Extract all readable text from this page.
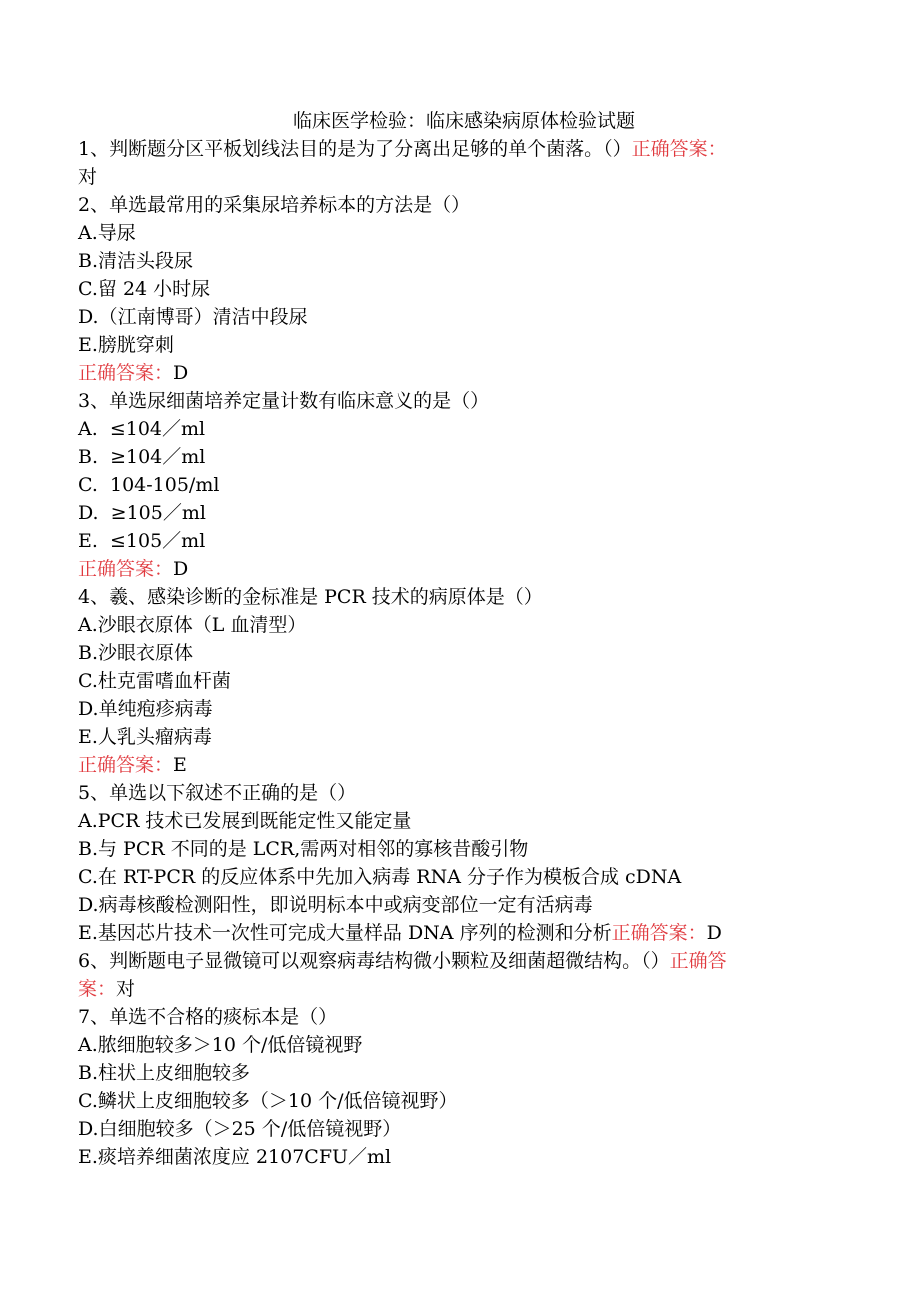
临床医学检验：临床感染病原体检验试题
1、判断题分区平板划线法目的是为了分离出足够的单个菌落。（）正确答案：
对
2、单选最常用的采集尿培养标本的方法是（）
A.导尿
B.清洁头段尿
C.留 24 小时尿
D.（江南博哥）清洁中段尿
E.膀胱穿刺
正确答案：D
3、单选尿细菌培养定量计数有临床意义的是（）
A.  ≤104／ml
B.  ≥104／ml
C.  104-105/ml
D.  ≥105／ml
E.  ≤105／ml
正确答案：D
4、羲、感染诊断的金标准是 PCR 技术的病原体是（）
A.沙眼衣原体（L 血清型）
B.沙眼衣原体
C.杜克雷嗜血杆菌
D.单纯疱疹病毒
E.人乳头瘤病毒
正确答案：E
5、单选以下叙述不正确的是（）
A.PCR 技术已发展到既能定性又能定量
B.与 PCR 不同的是 LCR,需两对相邻的寡核昔酸引物
C.在 RT-PCR 的反应体系中先加入病毒 RNA 分子作为模板合成 cDNA
D.病毒核酸检测阳性，即说明标本中或病变部位一定有活病毒
E.基因芯片技术一次性可完成大量样品 DNA 序列的检测和分析正确答案：D
6、判断题电子显微镜可以观察病毒结构微小颗粒及细菌超微结构。（）正确答
案：对
7、单选不合格的痰标本是（）
A.脓细胞较多＞10 个/低倍镜视野
B.柱状上皮细胞较多
C.鳞状上皮细胞较多（＞10 个/低倍镜视野）
D.白细胞较多（＞25 个/低倍镜视野）
E.痰培养细菌浓度应 2107CFU／ml
